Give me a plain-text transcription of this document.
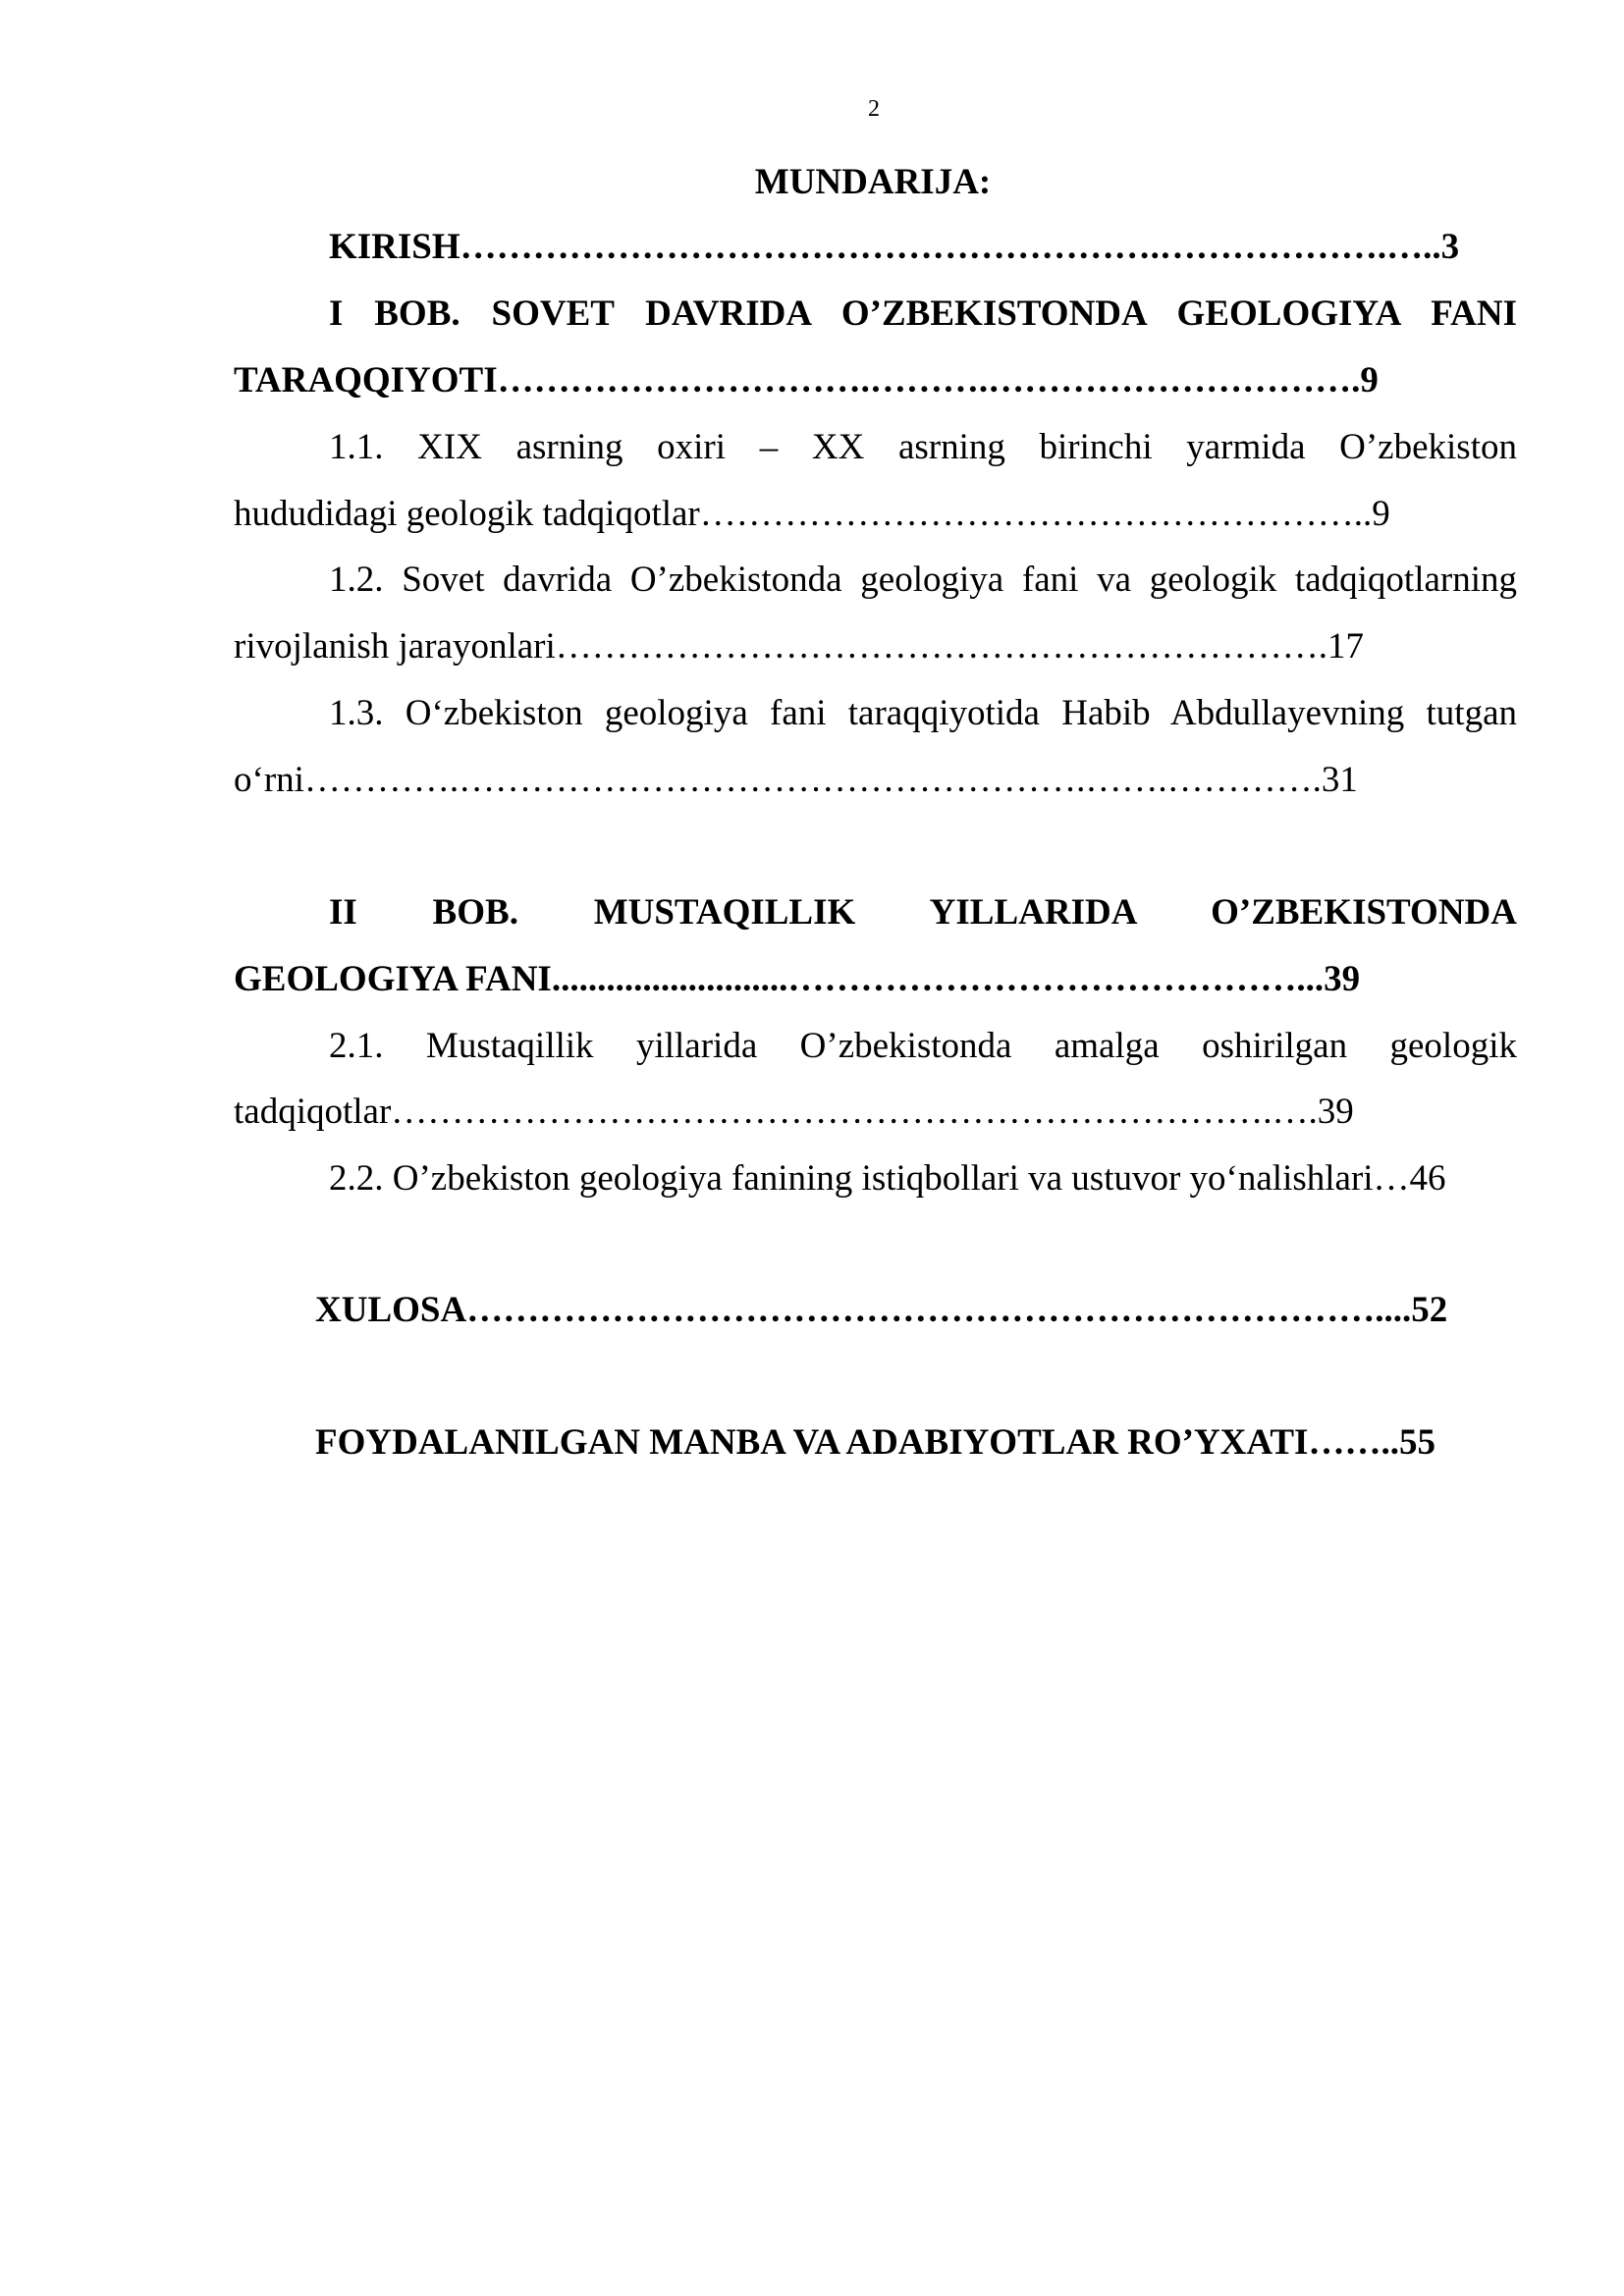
2
MUNDARIJA:
KIRISH………………………………………………….……………….…..3
I BOB. SOVET DAVRIDA O’ZBEKISTONDA GEOLOGIYA FANI
TARAQQIYOTI………………………….……….………………………….9
1.1. XIX asrning oxiri – XX asrning birinchi yarmida O’zbekiston
hududidagi geologik tadqiqotlar………………………………………………..9
1.2. Sovet davrida O’zbekistonda geologiya fani va geologik tadqiqotlarning
rivojlanish jarayonlari……………………………………………………….17
1.3. O‘zbekiston geologiya fani taraqqiyotida Habib Abdullayevning tutgan
o‘rni………….…………………………………………….…….………….31
II BOB. MUSTAQILLIK YILLARIDA O’ZBEKISTONDA
GEOLOGIYA FANI..........................……………………………………...39
2.1. Mustaqillik yillarida O’zbekistonda amalga oshirilgan geologik
tadqiqotlar……………………………………………………………….….39
2.2. O’zbekiston geologiya fanining istiqbollari va ustuvor yo‘nalishlari…46
XULOSA…………………………………………………………………....52
FOYDALANILGAN MANBA VA ADABIYOTLAR RO’YXATI……..55
